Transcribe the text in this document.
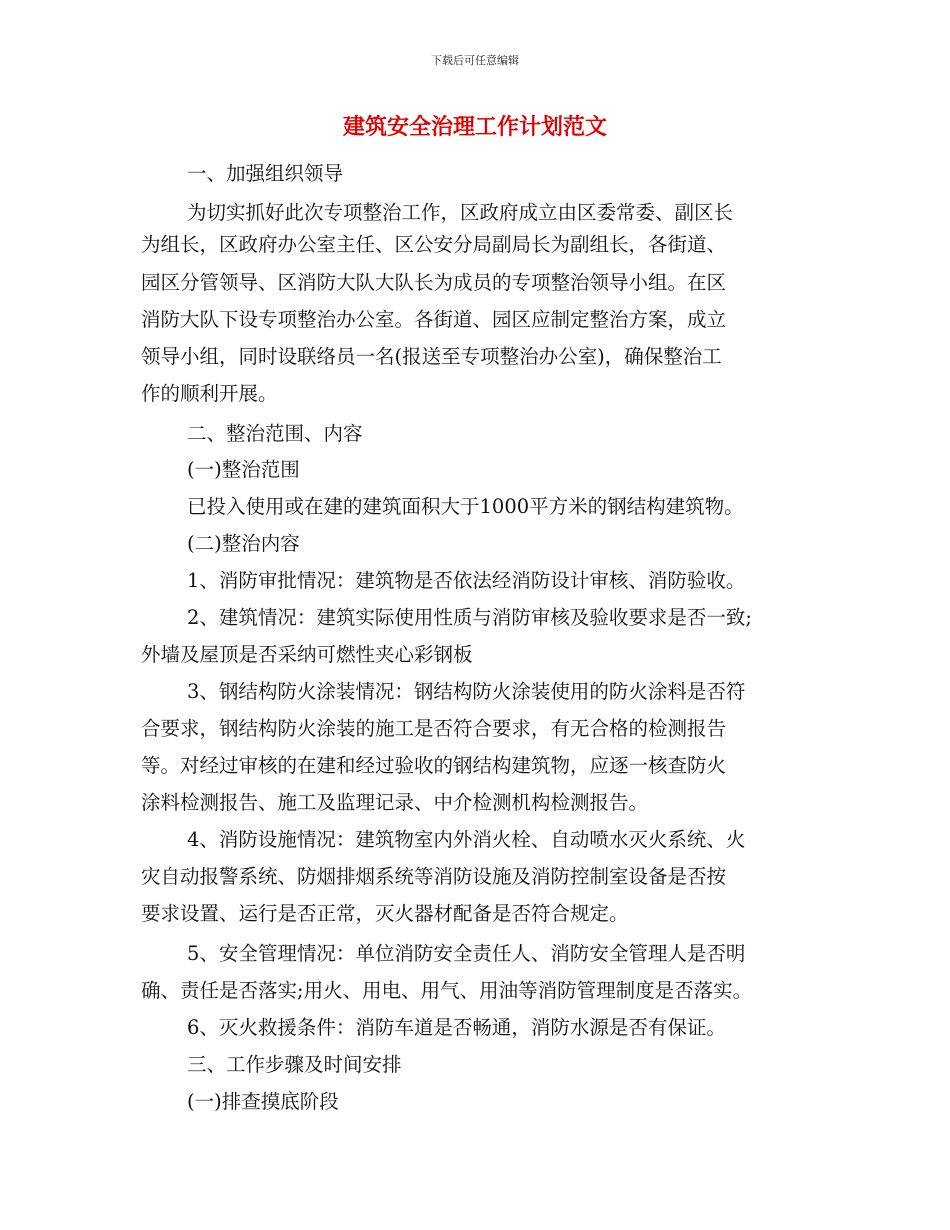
下载后可任意编辑
建筑安全治理工作计划范文
一、加强组织领导
为切实抓好此次专项整治工作，区政府成立由区委常委、副区长
为组长，区政府办公室主任、区公安分局副局长为副组长，各街道、
园区分管领导、区消防大队大队长为成员的专项整治领导小组。在区
消防大队下设专项整治办公室。各街道、园区应制定整治方案，成立
领导小组，同时设联络员一名(报送至专项整治办公室)，确保整治工
作的顺利开展。
二、整治范围、内容
(一)整治范围
已投入使用或在建的建筑面积大于1000平方米的钢结构建筑物。
(二)整治内容
1、消防审批情况：建筑物是否依法经消防设计审核、消防验收。
2、建筑情况：建筑实际使用性质与消防审核及验收要求是否一致;
外墙及屋顶是否采纳可燃性夹心彩钢板
3、钢结构防火涂装情况：钢结构防火涂装使用的防火涂料是否符
合要求，钢结构防火涂装的施工是否符合要求，有无合格的检测报告
等。对经过审核的在建和经过验收的钢结构建筑物，应逐一核查防火
涂料检测报告、施工及监理记录、中介检测机构检测报告。
4、消防设施情况：建筑物室内外消火栓、自动喷水灭火系统、火
灾自动报警系统、防烟排烟系统等消防设施及消防控制室设备是否按
要求设置、运行是否正常，灭火器材配备是否符合规定。
5、安全管理情况：单位消防安全责任人、消防安全管理人是否明
确、责任是否落实;用火、用电、用气、用油等消防管理制度是否落实。
6、灭火救援条件：消防车道是否畅通，消防水源是否有保证。
三、工作步骤及时间安排
(一)排查摸底阶段
